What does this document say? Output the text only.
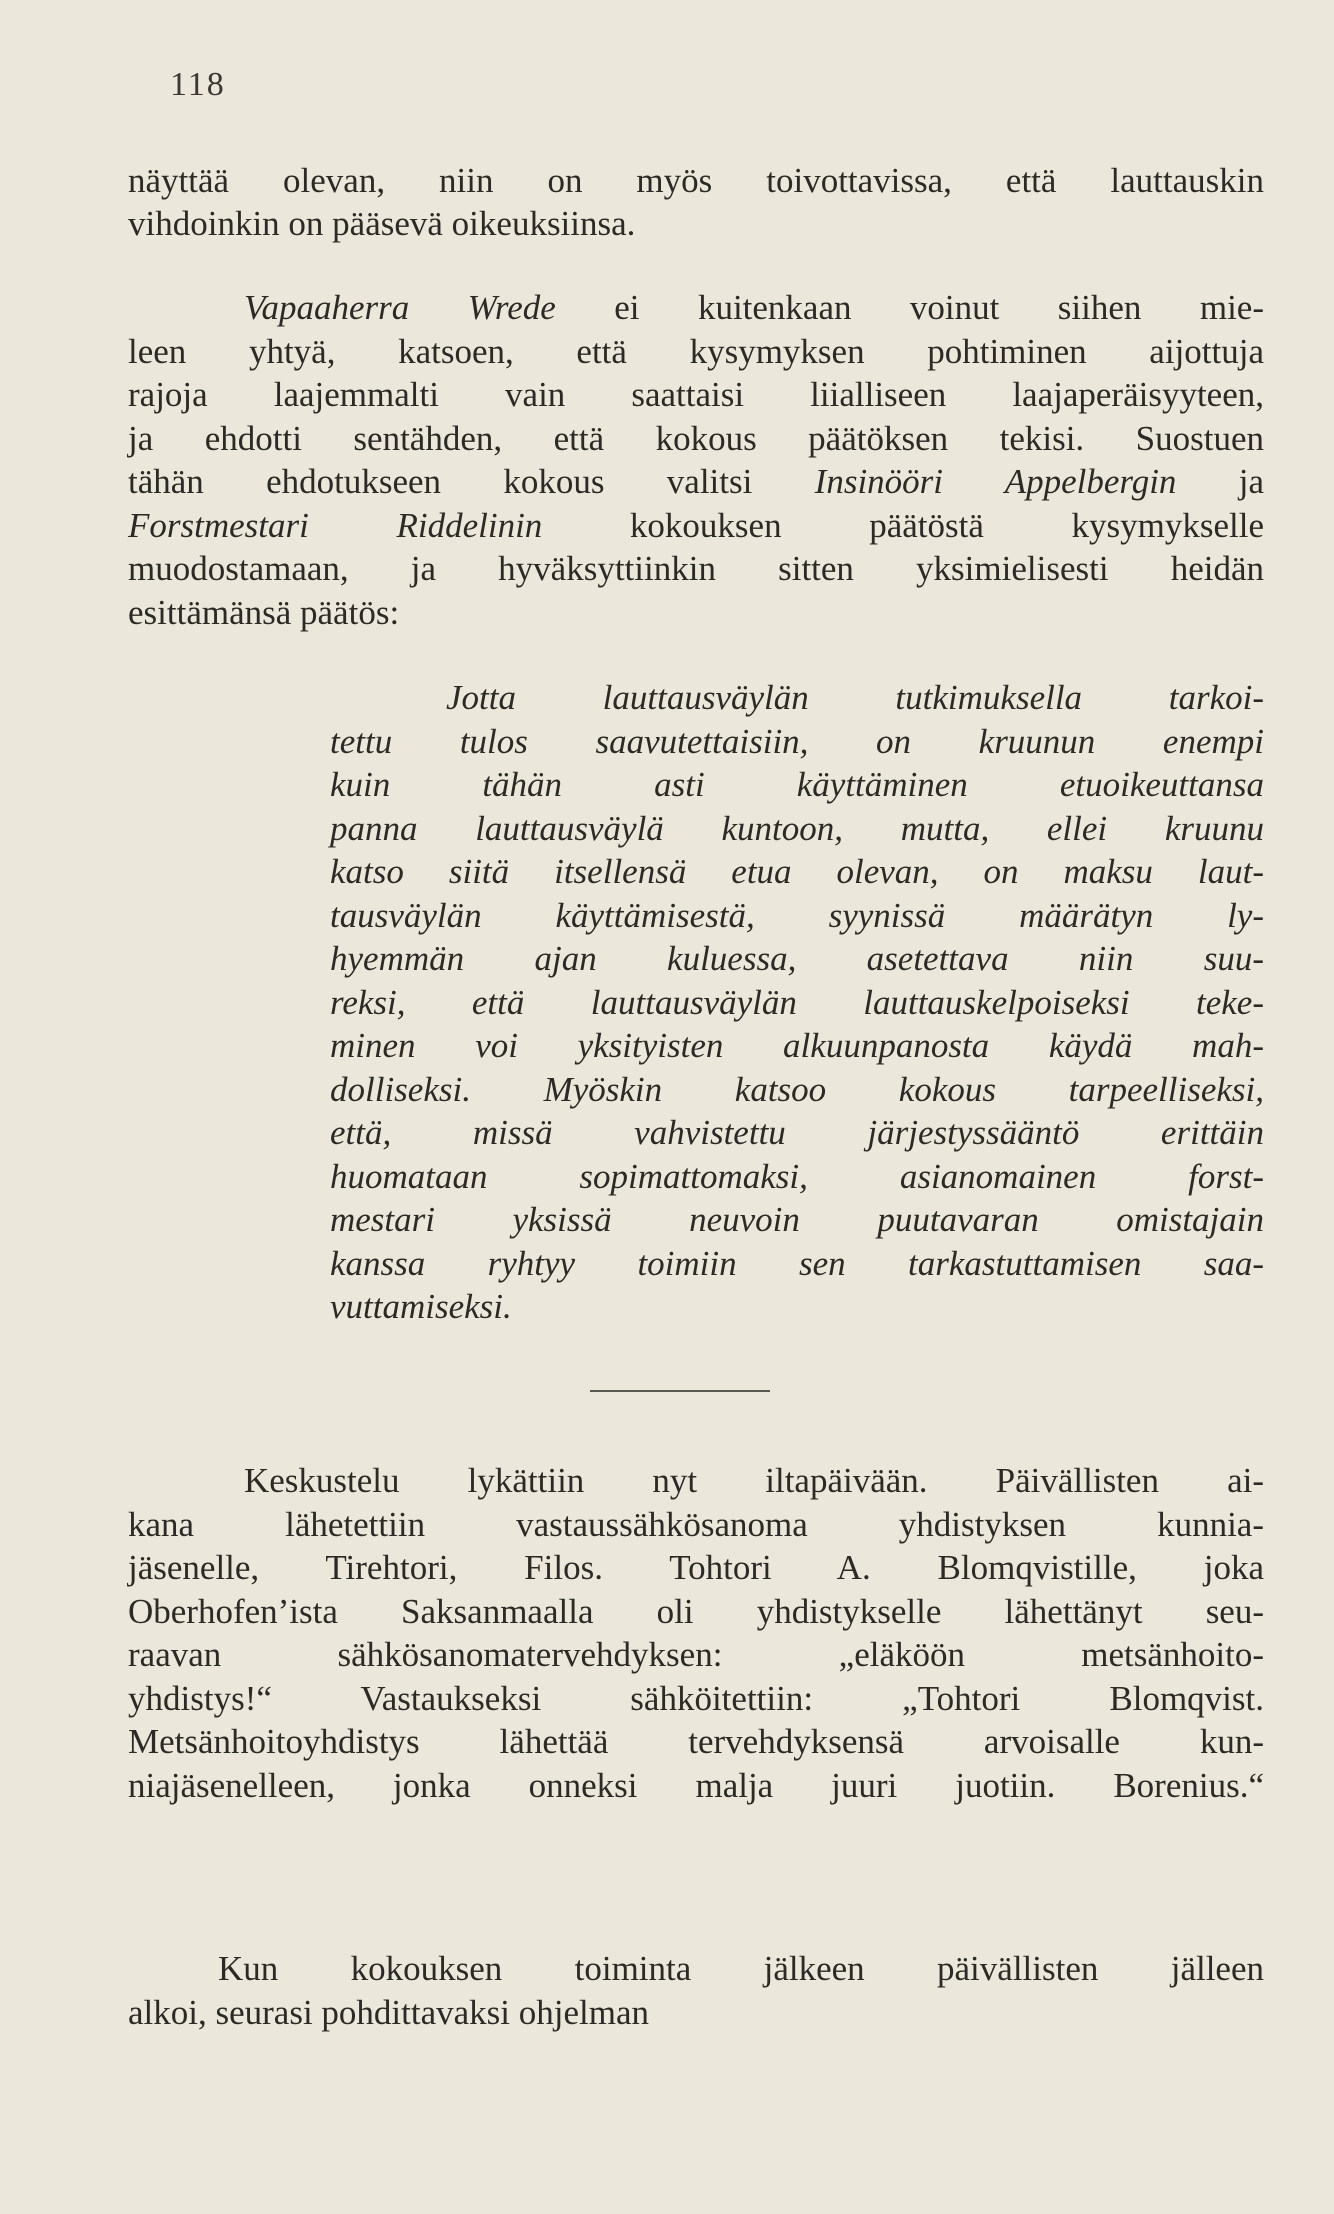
118
näyttää olevan, niin on myös toivottavissa, että lauttauskin
vihdoinkin on pääsevä oikeuksiinsa.
Vapaaherra Wrede ei kuitenkaan voinut siihen mie-
leen yhtyä, katsoen, että kysymyksen pohtiminen aijottuja
rajoja laajemmalti vain saattaisi liialliseen laajaperäisyyteen,
ja ehdotti sentähden, että kokous päätöksen tekisi. Suostuen
tähän ehdotukseen kokous valitsi Insinööri Appelbergin ja
Forstmestari Riddelinin kokouksen päätöstä kysymykselle
muodostamaan, ja hyväksyttiinkin sitten yksimielisesti heidän
esittämänsä päätös:
Jotta lauttausväylän tutkimuksella tarkoi-
tettu tulos saavutettaisiin, on kruunun enempi
kuin tähän asti käyttäminen etuoikeuttansa
panna lauttausväylä kuntoon, mutta, ellei kruunu
katso siitä itsellensä etua olevan, on maksu laut-
tausväylän käyttämisestä, syynissä määrätyn ly-
hyemmän ajan kuluessa, asetettava niin suu-
reksi, että lauttausväylän lauttauskelpoiseksi teke-
minen voi yksityisten alkuunpanosta käydä mah-
dolliseksi. Myöskin katsoo kokous tarpeelliseksi,
että, missä vahvistettu järjestyssääntö erittäin
huomataan sopimattomaksi, asianomainen forst-
mestari yksissä neuvoin puutavaran omistajain
kanssa ryhtyy toimiin sen tarkastuttamisen saa-
vuttamiseksi.
Keskustelu lykättiin nyt iltapäivään. Päivällisten ai-
kana lähetettiin vastaussähkösanoma yhdistyksen kunnia-
jäsenelle, Tirehtori, Filos. Tohtori A. Blomqvistille, joka
Oberhofen’ista Saksanmaalla oli yhdistykselle lähettänyt seu-
raavan sähkösanomatervehdyksen: „eläköön metsänhoito-
yhdistys!“ Vastaukseksi sähköitettiin: „Tohtori Blomqvist.
Metsänhoitoyhdistys lähettää tervehdyksensä arvoisalle kun-
niajäsenelleen, jonka onneksi malja juuri juotiin. Borenius.“
Kun kokouksen toiminta jälkeen päivällisten jälleen
alkoi, seurasi pohdittavaksi ohjelman
